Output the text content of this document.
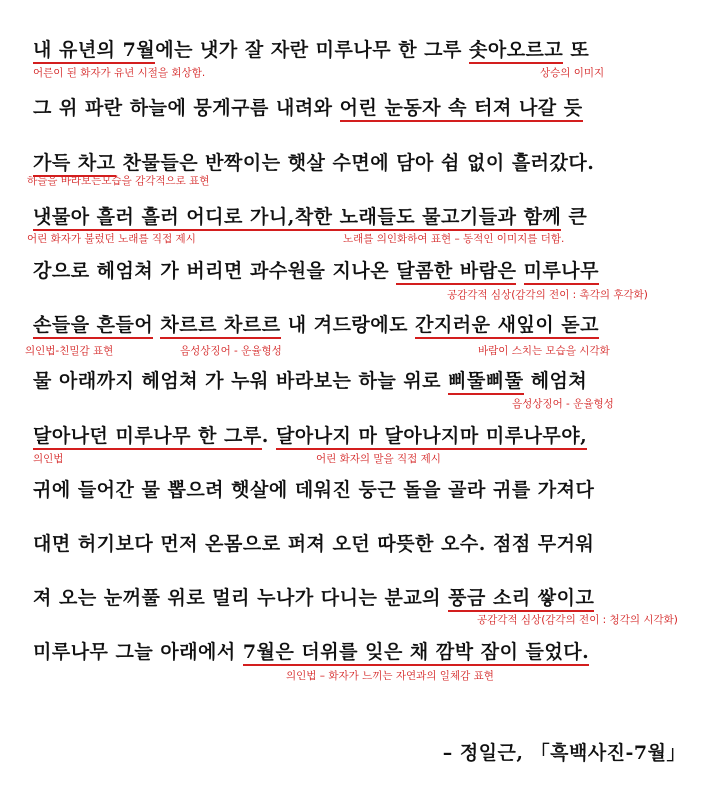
내 유년의 7월에는 냇가 잘 자란 미루나무 한 그루 솟아오르고 또
어른이 된 화자가 유년 시절을 회상함.	상승의 이미지
그 위 파란 하늘에 뭉게구름 내려와 어린 눈동자 속 터져 나갈 듯
가득 차고 찬물들은 반짝이는 햇살 수면에 담아 쉼 없이 흘러갔다.
하늘을 바라보는모습을 감각적으로 표현
냇물아 흘러 흘러 어디로 가니,착한 노래들도 물고기들과 함께 큰
어린 화자가 불렀던 노래를 직접 제시	노래를 의인화하여 표현 – 동적인 이미지를 더함.
강으로 헤엄쳐 가 버리면 과수원을 지나온 달콤한 바람은 미루나무
공감각적 심상(감각의 전이 : 촉각의 후각화)
손들을 흔들어 차르르 차르르 내 겨드랑에도 간지러운 새잎이 돋고
의인법-친밀감 표현	음성상징어 - 운율형성	바람이 스치는 모습을 시각화
물 아래까지 헤엄쳐 가 누워 바라보는 하늘 위로 삐뚤삐뚤 헤엄쳐
음성상징어 - 운율형성
달아나던 미루나무 한 그루. 달아나지 마 달아나지마 미루나무야,
의인법	어린 화자의 말을 직접 제시
귀에 들어간 물 뽑으려 햇살에 데워진 둥근 돌을 골라 귀를 가져다
대면 허기보다 먼저 온몸으로 퍼져 오던 따뜻한 오수. 점점 무거워
져 오는 눈꺼풀 위로 멀리 누나가 다니는 분교의 풍금 소리 쌓이고
공감각적 심상(감각의 전이 : 청각의 시각화)
미루나무 그늘 아래에서 7월은 더위를 잊은 채 깜박 잠이 들었다.
의인법 – 화자가 느끼는 자연과의 일체감 표현
– 정일근, 「흑백사진-7월」
